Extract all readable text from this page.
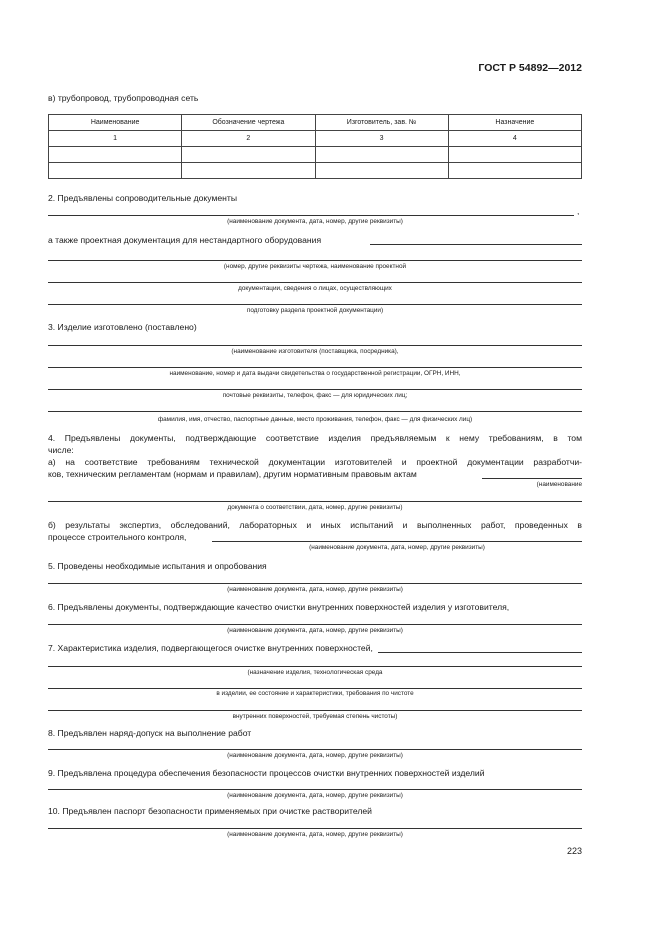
ГОСТ Р 54892—2012
в) трубопровод, трубопроводная сеть
Наименование	Обозначение чертежа	Изготовитель, зав. №	Назначение
1	2	3	4

2. Предъявлены сопроводительные документы
,
(наименование документа, дата, номер, другие реквизиты)
а также проектная документация для нестандартного оборудования
(номер, другие реквизиты чертежа, наименование проектной
документации, сведения о лицах, осуществляющих
подготовку раздела проектной документации)
3. Изделие изготовлено (поставлено)
(наименование изготовителя (поставщика, посредника),
наименование, номер и дата выдачи свидетельства о государственной регистрации, ОГРН, ИНН,
почтовые реквизиты, телефон, факс — для юридических лиц;
фамилия, имя, отчество, паспортные данные, место проживания, телефон, факс — для физических лиц)
4. Предъявлены документы, подтверждающие соответствие изделия предъявляемым к нему требованиям, в том
числе:
а) на соответствие требованиям технической документации изготовителей и проектной документации разработчи-
ков, техническим регламентам (нормам и правилам), другим нормативным правовым актам
(наименование
документа о соответствии, дата, номер, другие реквизиты)
б) результаты экспертиз, обследований, лабораторных и иных испытаний и выполненных работ, проведенных в
процессе строительного контроля,
(наименование документа, дата, номер, другие реквизиты)
5. Проведены необходимые испытания и опробования
(наименование документа, дата, номер, другие реквизиты)
6. Предъявлены документы, подтверждающие качество очистки внутренних поверхностей изделия у изготовителя,
(наименование документа, дата, номер, другие реквизиты)
7. Характеристика изделия, подвергающегося очистке внутренних поверхностей,
(назначение изделия, технологическая среда
в изделии, ее состояние и характеристики, требования по чистоте
внутренних поверхностей, требуемая степень чистоты)
8. Предъявлен наряд-допуск на выполнение работ
(наименование документа, дата, номер, другие реквизиты)
9. Предъявлена процедура обеспечения безопасности процессов очистки внутренних поверхностей изделий
(наименование документа, дата, номер, другие реквизиты)
10. Предъявлен паспорт безопасности применяемых при очистке растворителей
(наименование документа, дата, номер, другие реквизиты)
223
